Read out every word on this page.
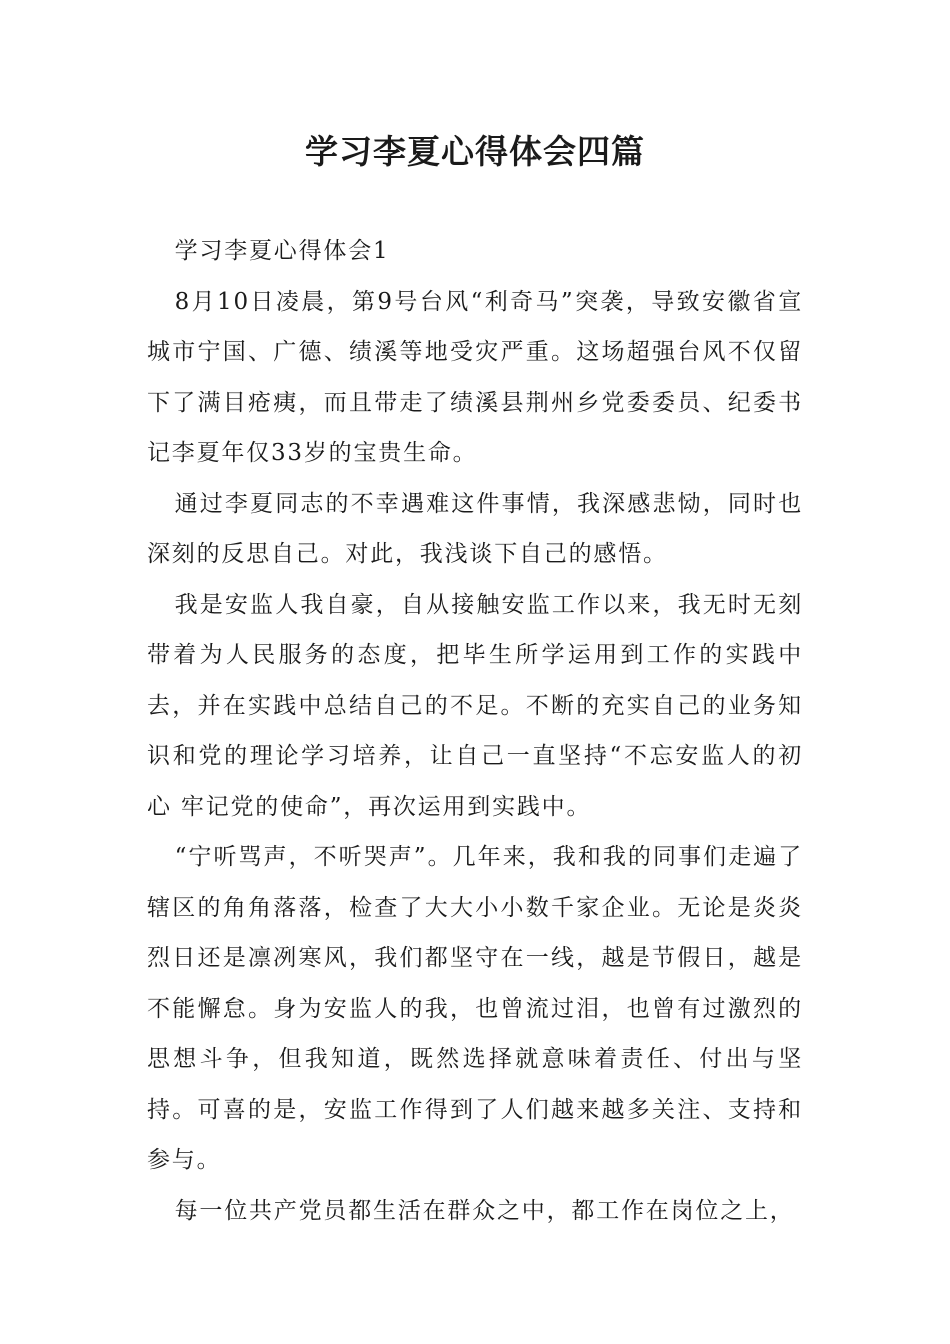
学习李夏心得体会四篇

学习李夏心得体会1

8月10日凌晨，第9号台风“利奇马”突袭，导致安徽省宣城市宁国、广德、绩溪等地受灾严重。这场超强台风不仅留下了满目疮痍，而且带走了绩溪县荆州乡党委委员、纪委书记李夏年仅33岁的宝贵生命。

通过李夏同志的不幸遇难这件事情，我深感悲恸，同时也深刻的反思自己。对此，我浅谈下自己的感悟。

我是安监人我自豪，自从接触安监工作以来，我无时无刻带着为人民服务的态度，把毕生所学运用到工作的实践中去，并在实践中总结自己的不足。不断的充实自己的业务知识和党的理论学习培养，让自己一直坚持“不忘安监人的初心 牢记党的使命”，再次运用到实践中。

“宁听骂声，不听哭声”。几年来，我和我的同事们走遍了辖区的角角落落，检查了大大小小数千家企业。无论是炎炎烈日还是凛冽寒风，我们都坚守在一线，越是节假日，越是不能懈怠。身为安监人的我，也曾流过泪，也曾有过激烈的思想斗争，但我知道，既然选择就意味着责任、付出与坚持。可喜的是，安监工作得到了人们越来越多关注、支持和参与。

每一位共产党员都生活在群众之中，都工作在岗位之上，
